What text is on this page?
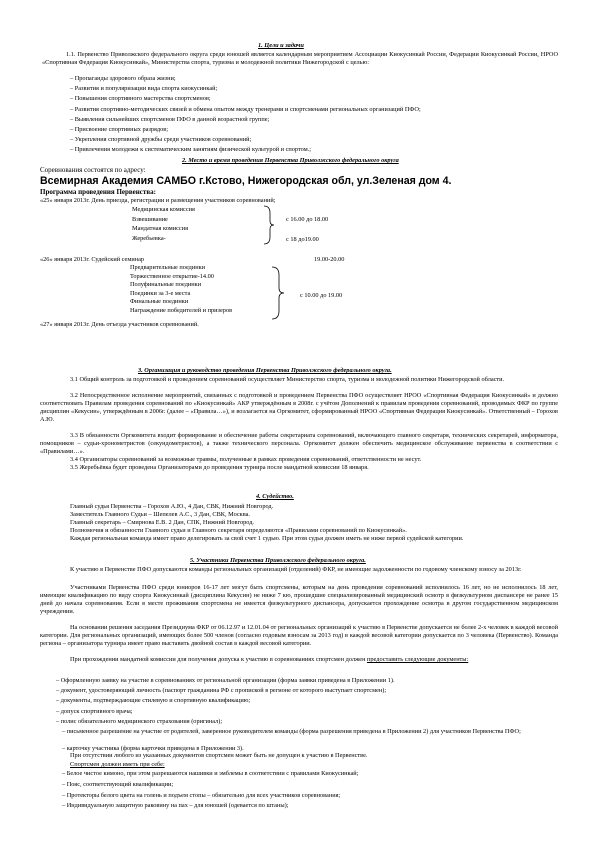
1. Цели и задачи
1.1. Первенство Приволжского федерального округа среди юношей является календарным мероприятием Ассоциации Киокусинкай России, Федерации Киокусинкай России, НРОО «Спортивная Федерация Киокусинкай», Министерства спорта, туризма и молодежной политики Нижегородской с целью:
– Пропаганды здорового образа жизни;
– Развития и популяризации вида спорта киокусинкай;
– Повышения спортивного мастерства спортсменов;
– Развития спортивно-методических связей и обмена опытом между тренерами и спортсменами региональных организаций ПФО;
– Выявления сильнейших спортсменов ПФО в данной возрастной группе;
– Присвоение спортивных разрядов;
– Укрепления спортивной дружбы среди участников соревнований;
– Привлечения молодежи к систематическим занятиям физической культурой и спортом.;
2. Место и время проведения Первенства Приволжского федерального округа
Соревнования состоятся по адресу:
Всемирная Академия САМБО г.Кстово, Нижегородская обл, ул.Зеленая дом 4.
Программа проведения Первенства:
«25» января 2013г. День приезда, регистрации и размещения участников соревнований;
Медицинская комиссия
Взвешивание
Мандатная комиссия
Жеребьевка-
с 16.00 до 18.00
с 18 до19.00
«26» января 2013г. Судейский семинар	19.00-20.00
Предварительные поединки
Торжественное открытие-14.00
Полуфинальные поединки
Поединки за 3-е места
Финальные поединки
Награждение победителей и призеров
с 10.00 до 19.00
«27» января 2013г. День отъезда участников соревнований.
3. Организация и руководство проведения Первенства Приволжского федерального округа.
3.1 Общий контроль за подготовкой и проведением соревнований осуществляет Министерство спорта, туризма и молодежной политики Нижегородской области.
3.2 Непосредственное исполнение мероприятий, связанных с подготовкой и проведением Первенства ПФО осуществляет НРОО «Спортивная Федерация Киокусинкай» и должно соответствовать Правилам проведения соревнований по «Киокусинкай» АКР утверждённым в 2008г. с учётом Дополнений к правилам проведения соревнований, проводимых ФКР по группе дисциплин «Кекусин», утверждённым в 2006г. (далее – «Правила…»), и возлагается на Оргкомитет, сформированный НРОО «Спортивная Федерация Киокусинкай». Ответственный – Горохов А.Ю.
3.3 В обязанности Оргкомитета входит формирование и обеспечение работы секретариата соревнований, включающего главного секретаря, технических секретарей, информатора, помощников – судьи-хронометристов (секундометристов), а также технического персонала. Оргкомитет должен обеспечить медицинское обслуживание первенства в соответствии с «Правилами…».
3.4 Организаторы соревнований за возможные травмы, полученные в рамках проведения соревнований, ответственности не несут.
3.5 Жеребьёвка будет проведена Организаторами до проведения турнира после мандатной комиссии 18 января.
4. Судейство.
Главный судья Первенства – Горохов А.Ю., 4 Дан, СВК, Нижний Новгород.
Заместитель Главного Судьи – Шепелев А.С., 3 Дан, СВК, Москва.
Главный секретарь – Смирнова Е.В. 2 Дан, СПК, Нижний Новгород.
Полномочия и обязанности Главного судьи и Главного секретаря определяются «Правилами соревнований по Киокусинкай».
Каждая региональная команда имеет право делегировать за свой счет 1 судью. При этом судья должен иметь не ниже первой судейской категории.
5. Участники Первенства Приволжского федерального округа.
К участию в Первенстве ПФО допускаются команды региональных организаций (отделений) ФКР, не имеющие задолженности по годовому членскому взносу за 2013г.
Участниками Первенства ПФО среди юниоров 16-17 лет могут быть спортсмены, которым на день проведения соревнований исполнилось 16 лет, но не исполнилось 18 лет, имеющие квалификацию по виду спорта Киокусинкай (дисциплина Кекусин) не ниже 7 кю, прошедшие специализированный медицинский осмотр в физкультурном диспансере не ранее 15 дней до начала соревнования. Если в месте проживания спортсмена не имеется физкультурного диспансера, допускается прохождение осмотра в другом государственном медицинском учреждении.
На основании решения заседания Президиума ФКР от 06.12.97 и 12.01.04 от региональных организаций к участию в Первенстве допускается не более 2-х человек в каждой весовой категории. Для региональных организаций, имеющих более 500 членов (согласно годовым взносам за 2013 год) в каждой весовой категории допускается по 3 человека (Первенство). Команда региона – организатора турнира имеет право выставить двойной состав в каждой весовой категории.
При прохождении мандатной комиссии для получения допуска к участию в соревнованиях спортсмен должен предоставить следующие документы:
– Оформленную заявку на участие в соревнованиях от региональной организации (форма заявки приведена в Приложении 1).
– документ, удостоверяющий личность (паспорт гражданина РФ с пропиской в регионе от которого выступает спортсмен);
– документы, подтверждающие стилевую и спортивную квалификацию;
– допуск спортивного врача;
– полис обязательного медицинского страхования (оригинал);
– письменное разрешение на участие от родителей, заверенное руководителем команды (форма разрешения приведена в Приложении 2) для участников Первенства ПФО;
– карточку участника (форма карточки приведена в Приложении 3).
При отсутствии любого из указанных документов спортсмен может быть не допущен к участию в Первенстве.
Спортсмен должен иметь при себе:
– Белое чистое кимоно, при этом разрешаются нашивки и эмблемы в соответствии с правилами Киокусинкай;
– Пояс, соответствующий квалификации;
– Протекторы белого цвета на голень и подъем стопы – обязательно для всех участников соревнования;
– Индивидуальную защитную раковину на пах – для юношей (одевается по штаны);
